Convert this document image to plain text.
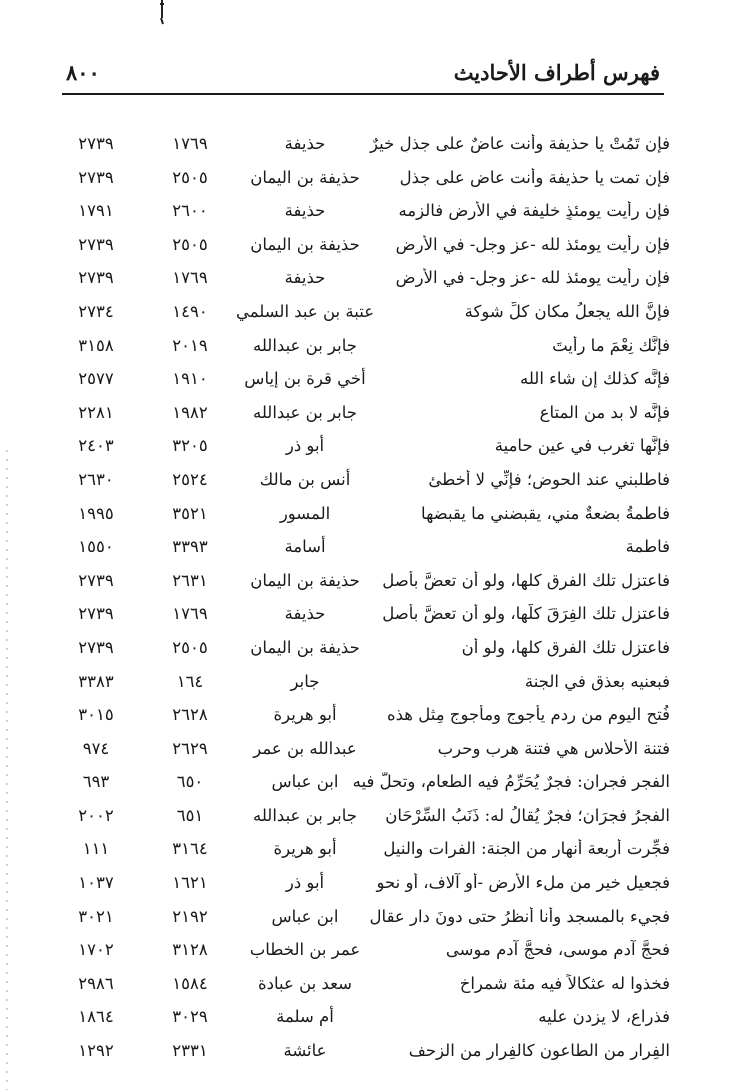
٨٠٠	فهرس أطراف الأحاديث
فإن تَمُتْ يا حذيفة وأنت عاضٌ على جذلٍ خيرٌ
حذيفة
١٧٦٩
٢٧٣٩
فإن تمت يا حذيفة وأنت عاض على جذل
حذيفة بن اليمان
٢٥٠٥
٢٧٣٩
فإن رأيت يومئذٍ خليفة في الأرض فالزمه
حذيفة
٢٦٠٠
١٧٩١
فإن رأيت يومئذ لله -عز وجل- في الأرض
حذيفة بن اليمان
٢٥٠٥
٢٧٣٩
فإن رأيت يومئذ لله -عز وجل- في الأرض
حذيفة
١٧٦٩
٢٧٣٩
فإنَّ الله يجعلُ مكان كلِّ شوكة
عتبة بن عبد السلمي
١٤٩٠
٢٧٣٤
فإنَّك نِعْمَ ما رأيتَ
جابر بن عبدالله
٢٠١٩
٣١٥٨
فإنَّه كذلك إن شاء الله
أخي قرة بن إياس
١٩١٠
٢٥٧٧
فإنَّه لا بد من المتاع
جابر بن عبدالله
١٩٨٢
٢٢٨١
فإنَّها تغرب في عين حامية
أبو ذر
٣٢٠٥
٢٤٠٣
فاطلبني عند الحوض؛ فإنِّي لا أخطئ
أنس بن مالك
٢٥٢٤
٢٦٣٠
فاطمةُ بضعةٌ مني، يقبضني ما يقبضها
المسور
٣٥٢١
١٩٩٥
فاطمة
أسامة
٣٣٩٣
١٥٥٠
فاعتزل تلك الفرق كلها، ولو أن تعضَّ بأصلِ
حذيفة بن اليمان
٢٦٣١
٢٧٣٩
فاعتزل تلك الفِرَقَ كلَّها، ولو أن تعضَّ بأصلِ
حذيفة
١٧٦٩
٢٧٣٩
فاعتزل تلك الفرق كلها، ولو أن
حذيفة بن اليمان
٢٥٠٥
٢٧٣٩
فبعنيه بعذق في الجنة
جابر
١٦٤
٣٣٨٣
فُتح اليوم من ردم يأجوج ومأجوج مِثل هذه
أبو هريرة
٢٦٢٨
٣٠١٥
فتنة الأحلاس هي فتنة هرب وحرب
عبدالله بن عمر
٢٦٢٩
٩٧٤
الفجر فجران: فجرٌ يُحَرِّمُ فيه الطعام، وتحلُّ فيه
ابن عباس
٦٥٠
٦٩٣
الفجرُ فجرَان؛ فجرٌ يُقالُ له: ذَنَبُ السِّرْحَان
جابر بن عبدالله
٦٥١
٢٠٠٢
فجِّرت أربعة أنهار من الجنة: الفرات والنيل
أبو هريرة
٣١٦٤
١١١
فجعيل خير من ملء الأرض -أو آلاف، أو نحو
أبو ذر
١٦٢١
١٠٣٧
فجيء بالمسجد وأنا أنظرُ حتى دونَ دار عقال
ابن عباس
٢١٩٢
٣٠٢١
فحجَّ آدم موسى، فحجَّ آدم موسى
عمر بن الخطاب
٣١٢٨
١٧٠٢
فخذوا له عثكالاً فيه مئة شمراخ
سعد بن عبادة
١٥٨٤
٢٩٨٦
فذراع، لا يزدن عليه
أم سلمة
٣٠٢٩
١٨٦٤
الفِرار من الطاعون كالفِرار من الزحف
عائشة
٢٣٣١
١٢٩٢
